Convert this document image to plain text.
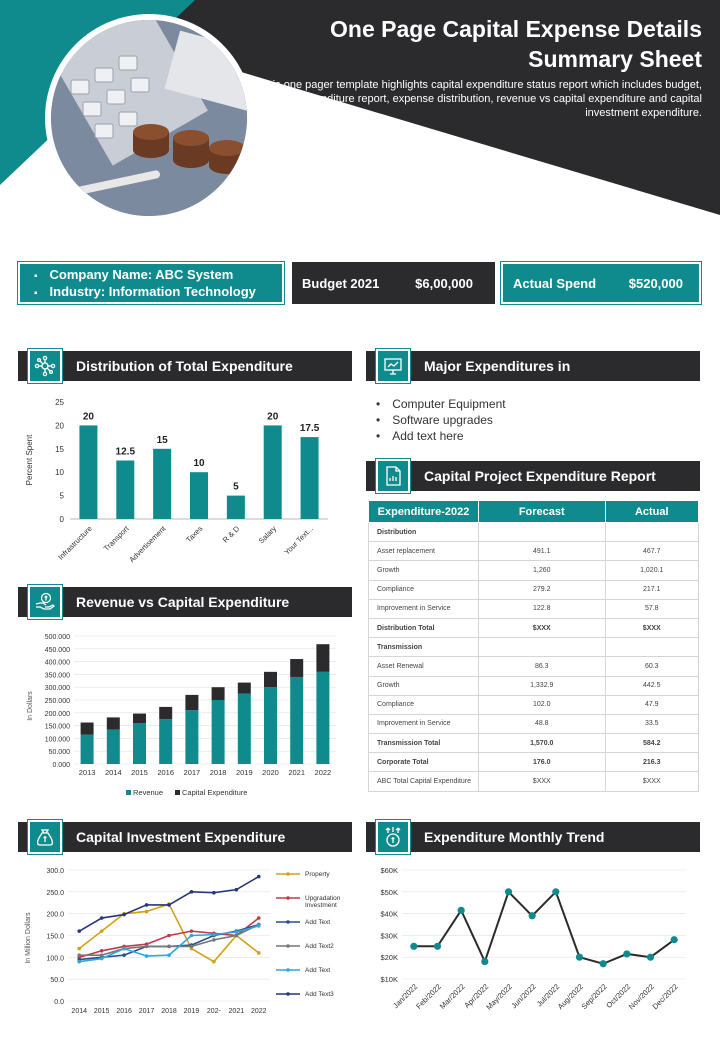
One Page Capital Expense Details Summary Sheet
This one pager template highlights capital expenditure status report which includes budget, project expenditure report, expense distribution, revenue vs capital expenditure and capital investment expenditure.
▪ Company Name: ABC System
▪ Industry: Information Technology
Budget 2021	$6,00,000	Actual Spend	$520,000
Distribution of Total Expenditure	Major Expenditures in
Capital Project Expenditure Report
Revenue vs Capital Expenditure
Capital Investment Expenditure	Expenditure Monthly Trend
• Computer Equipment
• Software upgrades
• Add text here
Expenditure-2022	Forecast	Actual
Distribution		
Asset replacement	491.1	467.7
Growth	1,260	1,020.1
Compliance	279.2	217.1
Improvement in Service	122.8	57.8
Distribution Total	$XXX	$XXX
Transmission		
Asset Renewal	86.3	60.3
Growth	1,332.9	442.5
Compliance	102.0	47.9
Improvement in Service	48.8	33.5
Transmission Total	1,570.0	584.2
Corporate Total	176.0	216.3
ABC Total Capital Expenditure	$XXX	$XXX
Percent Spent
0
5
10
15
20
25
20
Infrastructure
12.5
Transport
15
Advertisement
10
Taxes
5
R & D
20
Salary
17.5
Your Text...
In Dollars
0.000
50.000
100.000
150.000
200.000
250.000
300.000
350.000
400.000
450.000
500.000
2013 2014 2015 2016 2017 2018 2019 2020 2021 2022
Revenue	Capital Expenditure
In Million Dollars
0.0
50.0
100.0
150.0
200.0
250.0
300.0
2014 2015 2016 2017 2018 2019 202- 2021 2022
Property
Upgradation
Investment
Add Text
Add Text2
Add Text
Add Text3
$10K
$20K
$30K
$40K
$50K
$60K
Jan/2022
Feb/2022
Mar/2022
Apr/2022
May/2022
Jun/2022
Jul/2022
Aug/2022
Sep/2022
Oct/2022
Nov/2022
Dec/2022
